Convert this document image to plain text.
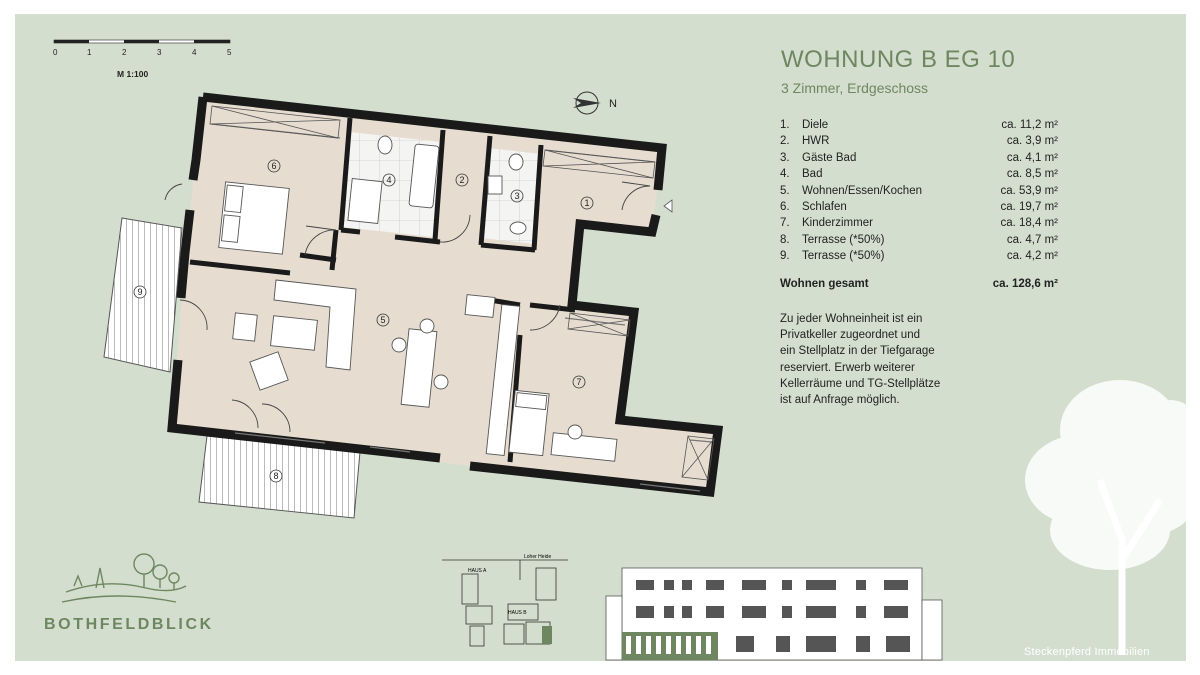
0	1	2	3	4	5
M 1:100
N
6
4	2
3
1
5
7
9
8
WOHNUNG B EG 10
3 Zimmer, Erdgeschoss
1.	Diele	ca. 11,2 m²
2.	HWR	ca. 3,9 m²
3.	Gäste Bad	ca. 4,1 m²
4.	Bad	ca. 8,5 m²
5.	Wohnen/Essen/Kochen	ca. 53,9 m²
6.	Schlafen	ca. 19,7 m²
7.	Kinderzimmer	ca. 18,4 m²
8.	Terrasse (*50%)	ca. 4,7 m²
9.	Terrasse (*50%)	ca. 4,2 m²
Wohnen gesamt	ca. 128,6 m²
Zu jeder Wohneinheit ist ein
Privatkeller zugeordnet und
ein Stellplatz in der Tiefgarage
reserviert. Erwerb weiterer
Kellerräume und TG-Stellplätze
ist auf Anfrage möglich.
BOTHFELDBLICK
Loher Heide
HAUS A
HAUS B
Steckenpferd Immobilien
